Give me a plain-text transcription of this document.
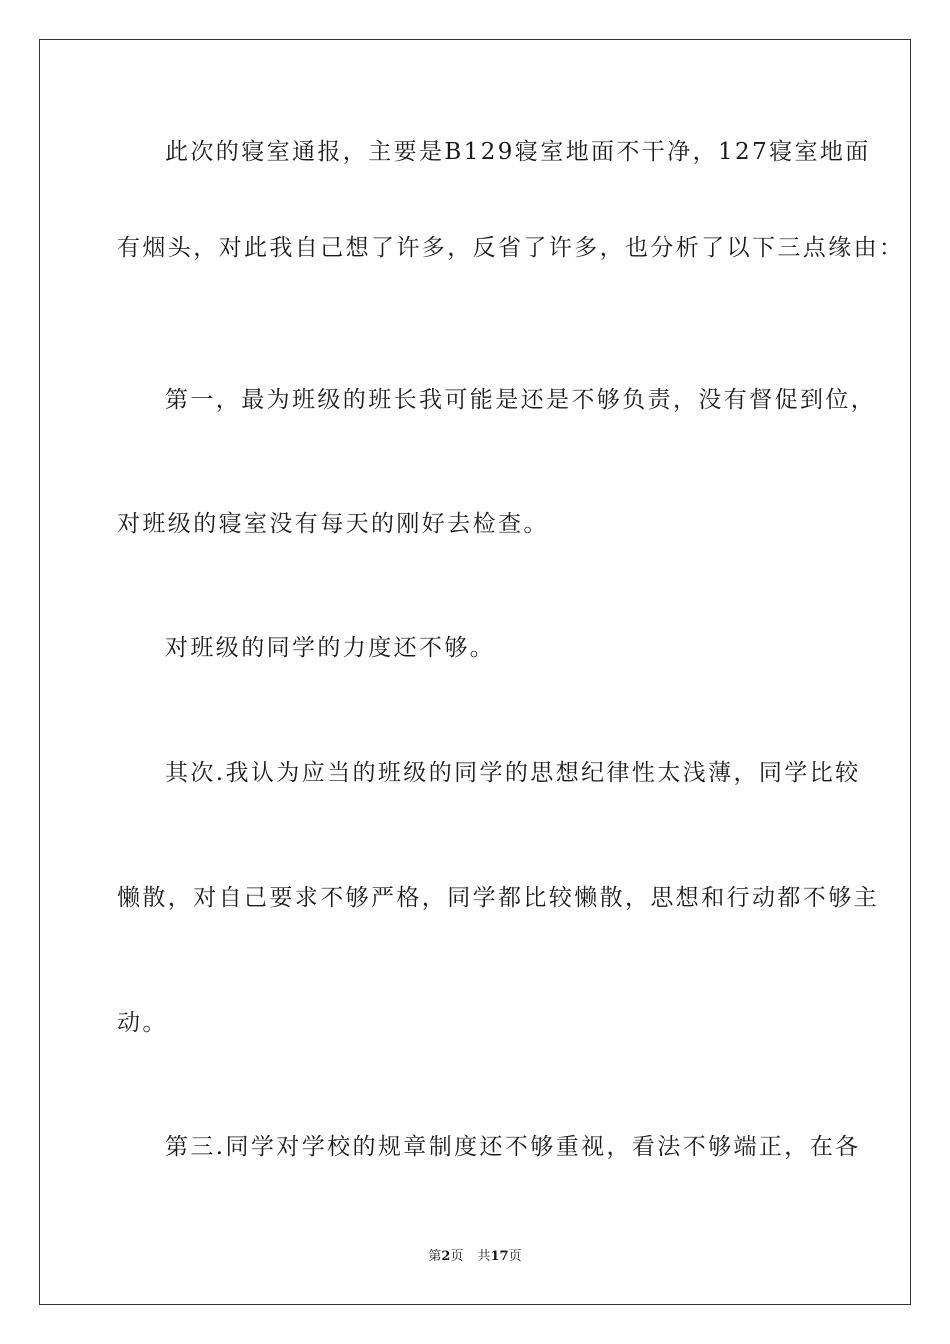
此次的寝室通报，主要是B129寝室地面不干净，127寝室地面
有烟头，对此我自己想了许多，反省了许多，也分析了以下三点缘由：
第一，最为班级的班长我可能是还是不够负责，没有督促到位，
对班级的寝室没有每天的刚好去检查。
对班级的同学的力度还不够。
其次.我认为应当的班级的同学的思想纪律性太浅薄，同学比较
懒散，对自己要求不够严格，同学都比较懒散，思想和行动都不够主
动。
第三.同学对学校的规章制度还不够重视，看法不够端正，在各
第2页 共17页
